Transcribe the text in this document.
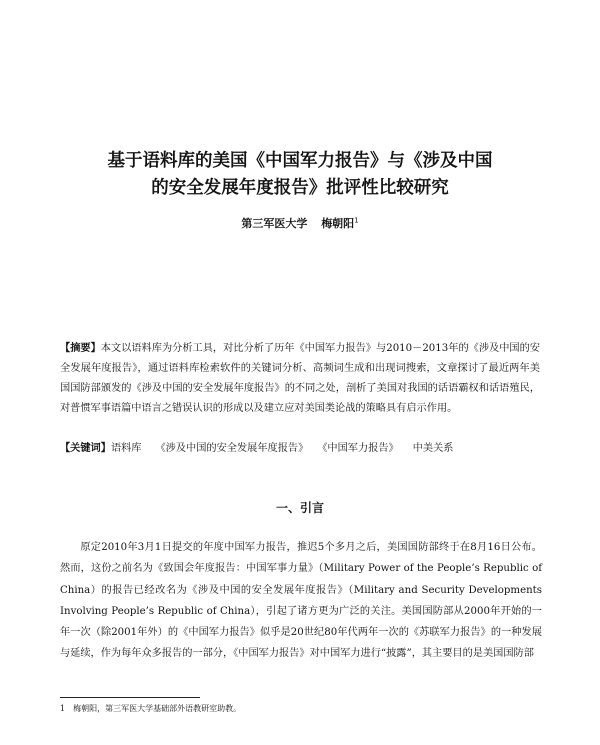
基于语料库的美国《中国军力报告》与《涉及中国
的安全发展年度报告》批评性比较研究
第三军医大学 梅朝阳$^1$
【摘要】本文以语料库为分析工具，对比分析了历年《中国军力报告》与2010－2013年的《涉及中国的安全发展年度报告》，通过语料库检索软件的关键词分析、高频词生成和出现词搜索，文章探讨了最近两年美国国防部颁发的《涉及中国的安全发展年度报告》的不同之处，剖析了美国对我国的话语霸权和话语殖民，对普惯军事语篇中语言之错误认识的形成以及建立应对美国类论战的策略具有启示作用。
【关键词】语料库 《涉及中国的安全发展年度报告》 《中国军力报告》 中美关系
一、引言
原定2010年3月1日提交的年度中国军力报告，推迟5个多月之后，美国国防部终于在8月16日公布。然而，这份之前名为《致国会年度报告：中国军事力量》（Military Power of the People’s Republic of China）的报告已经改名为《涉及中国的安全发展年度报告》（Military and Security Developments Involving People’s Republic of China），引起了诸方更为广泛的关注。美国国防部从2000年开始的一年一次（除2001年外）的《中国军力报告》似乎是20世纪80年代两年一次的《苏联军力报告》的一种发展与延续，作为每年众多报告的一部分，《中国军力报告》对中国军力进行“披露”，其主要目的是美国国防部
1 梅朝阳，第三军医大学基础部外语教研室助教。
